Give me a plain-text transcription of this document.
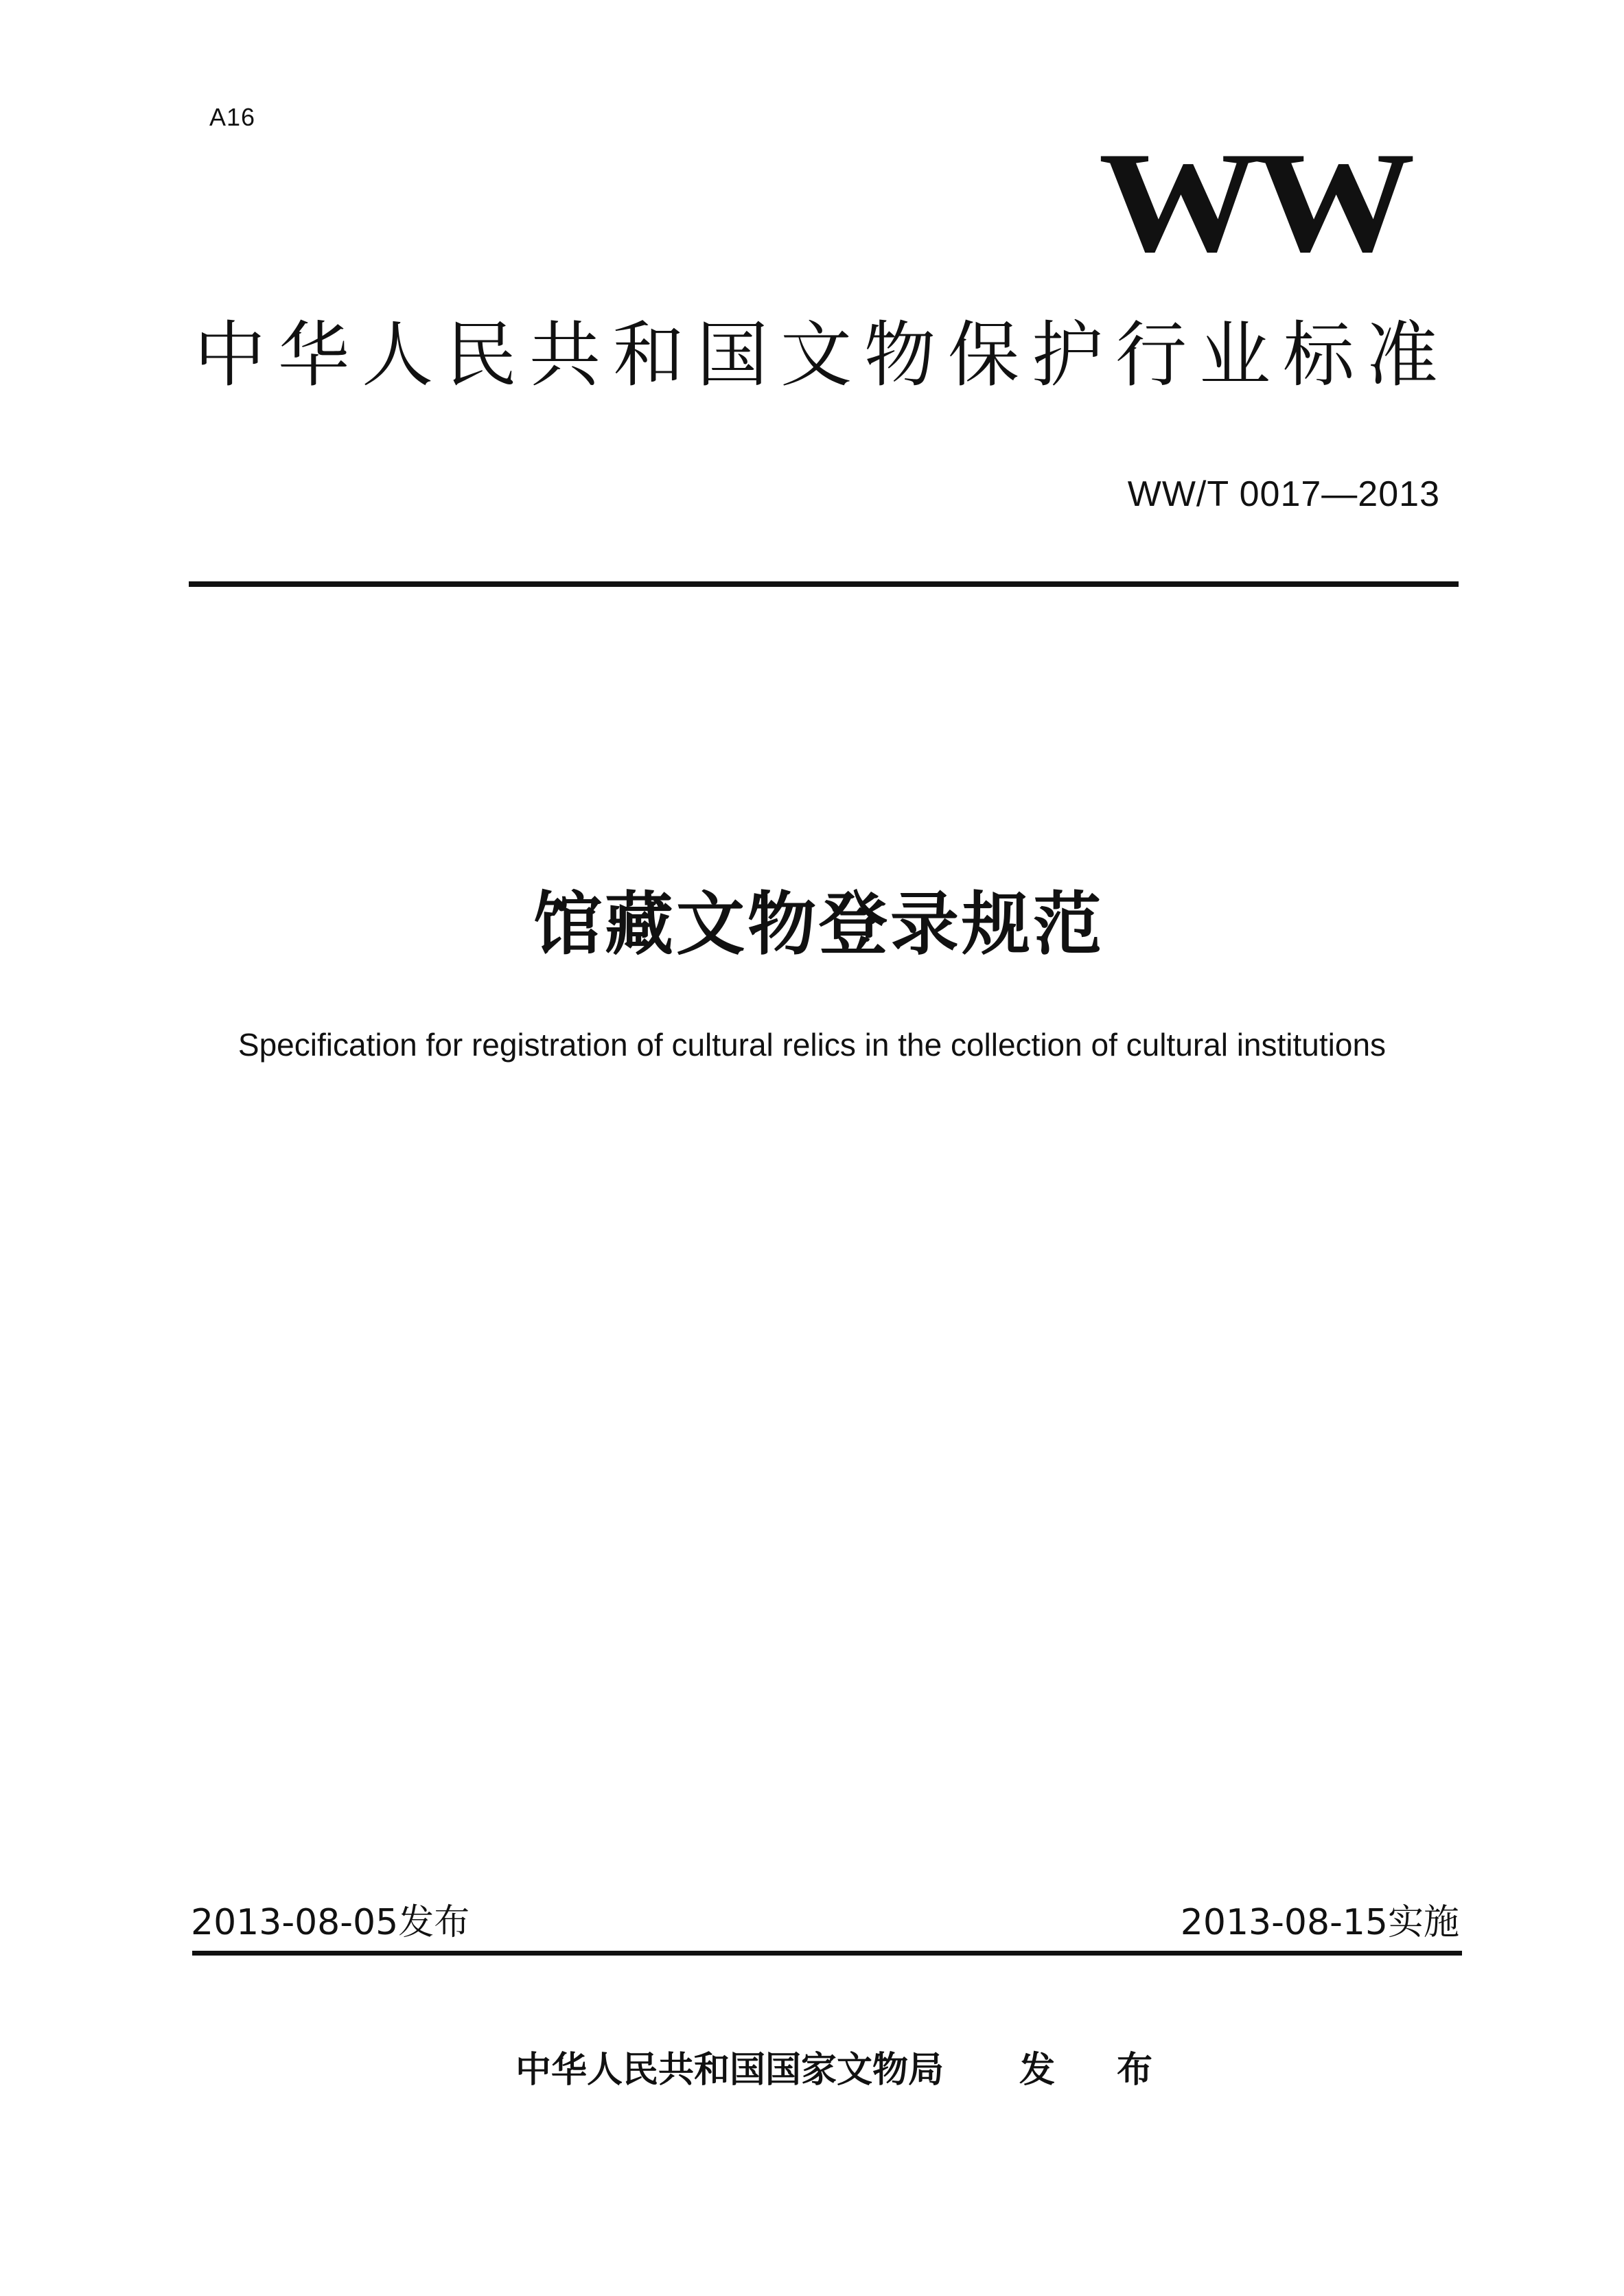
A16
WW
中华人民共和国文物保护行业标准
WW/T 0017—2013
馆藏文物登录规范
Specification for registration of cultural relics in the collection of cultural institutions
2013-08-05发布	2013-08-15实施
中华人民共和国国家文物局 发 布
